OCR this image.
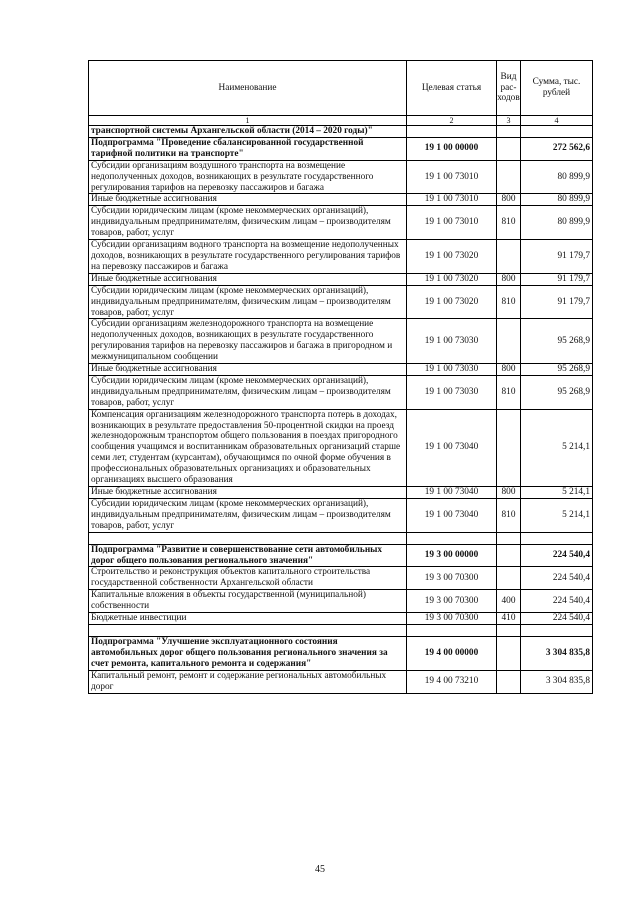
Наименование	Целевая статья	Вид рас-ходов	Сумма, тыс. рублей
1	2	3	4
транспортной системы Архангельской области (2014 – 2020 годы)"			
Подпрограмма "Проведение сбалансированной государственной тарифной политики на транспорте"	19 1 00 00000		272 562,6
Субсидии организациям воздушного транспорта на возмещение недополученных доходов, возникающих в результате государственного регулирования тарифов на перевозку пассажиров и багажа	19 1 00 73010		80 899,9
Иные бюджетные ассигнования	19 1 00 73010	800	80 899,9
Субсидии юридическим лицам (кроме некоммерческих организаций), индивидуальным предпринимателям, физическим лицам – производителям товаров, работ, услуг	19 1 00 73010	810	80 899,9
Субсидии организациям водного транспорта на возмещение недополученных доходов, возникающих в результате государственного регулирования тарифов на перевозку пассажиров и багажа	19 1 00 73020		91 179,7
Иные бюджетные ассигнования	19 1 00 73020	800	91 179,7
Субсидии юридическим лицам (кроме некоммерческих организаций), индивидуальным предпринимателям, физическим лицам – производителям товаров, работ, услуг	19 1 00 73020	810	91 179,7
Субсидии организациям железнодорожного транспорта на возмещение недополученных доходов, возникающих в результате государственного регулирования тарифов на перевозку пассажиров и багажа в пригородном и межмуниципальном сообщении	19 1 00 73030		95 268,9
Иные бюджетные ассигнования	19 1 00 73030	800	95 268,9
Субсидии юридическим лицам (кроме некоммерческих организаций), индивидуальным предпринимателям, физическим лицам – производителям товаров, работ, услуг	19 1 00 73030	810	95 268,9
Компенсация организациям железнодорожного транспорта потерь в доходах, возникающих в результате предоставления 50-процентной скидки на проезд железнодорожным транспортом общего пользования в поездах пригородного сообщения учащимся и воспитанникам образовательных организаций старше семи лет, студентам (курсантам), обучающимся по очной форме обучения в профессиональных образовательных организациях и образовательных организациях высшего образования	19 1 00 73040		5 214,1
Иные бюджетные ассигнования	19 1 00 73040	800	5 214,1
Субсидии юридическим лицам (кроме некоммерческих организаций), индивидуальным предпринимателям, физическим лицам – производителям товаров, работ, услуг	19 1 00 73040	810	5 214,1

Подпрограмма "Развитие и совершенствование сети автомобильных дорог общего пользования регионального значения"	19 3 00 00000		224 540,4
Строительство и реконструкция объектов капитального строительства государственной собственности Архангельской области	19 3 00 70300		224 540,4
Капитальные вложения в объекты государственной (муниципальной) собственности	19 3 00 70300	400	224 540,4
Бюджетные инвестиции	19 3 00 70300	410	224 540,4

Подпрограмма "Улучшение эксплуатационного состояния автомобильных дорог общего пользования регионального значения за счет ремонта, капитального ремонта и содержания"	19 4 00 00000		3 304 835,8
Капитальный ремонт, ремонт и содержание региональных автомобильных дорог	19 4 00 73210		3 304 835,8
45
